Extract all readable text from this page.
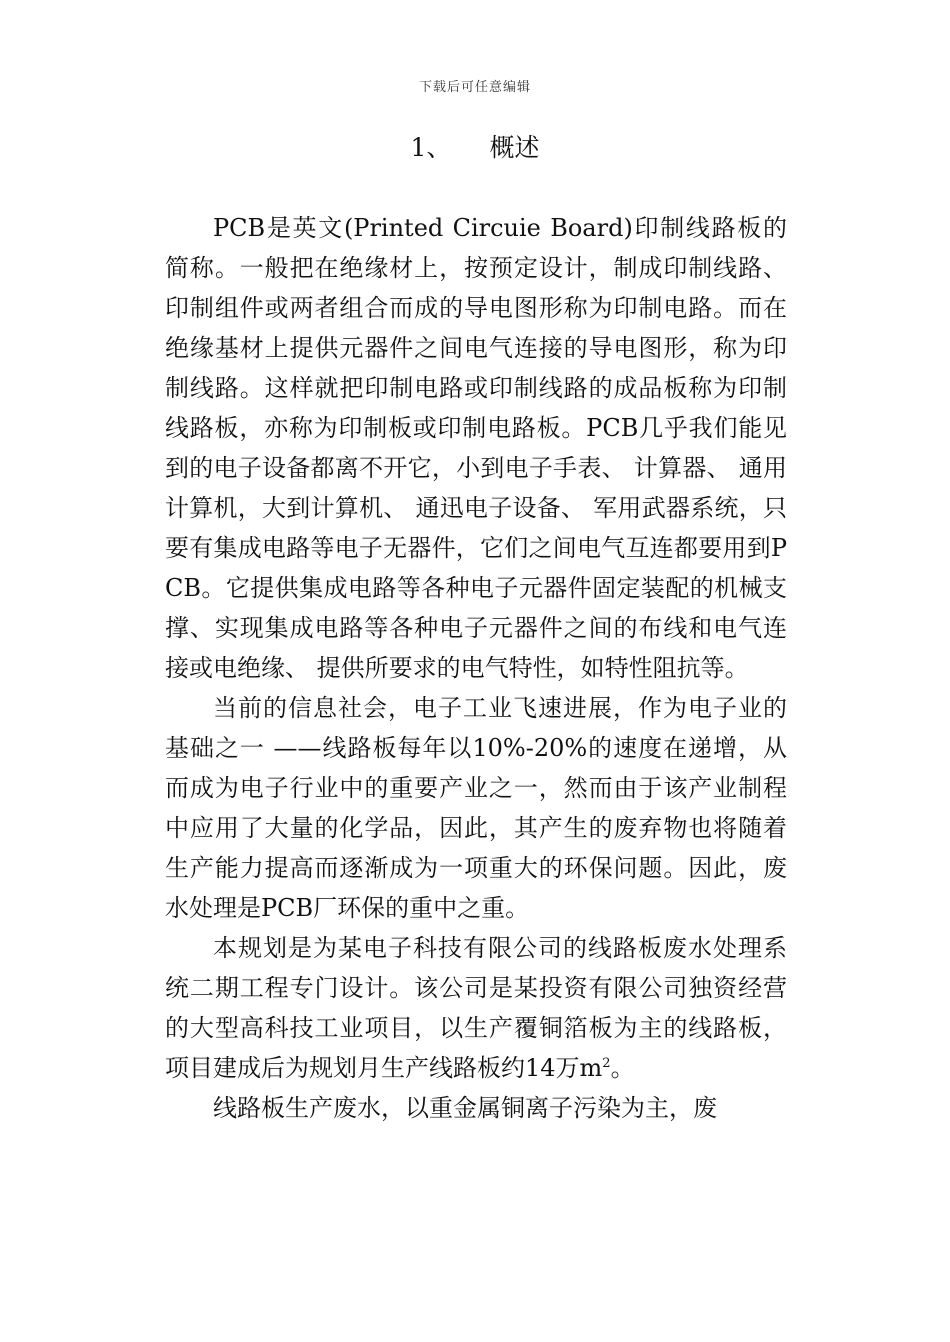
下载后可任意编辑
1、 概述

PCB是英文(Printed Circuie Board)印制线路板的简称。一般把在绝缘材上，按预定设计，制成印制线路、 印制组件或两者组合而成的导电图形称为印制电路。而在绝缘基材上提供元器件之间电气连接的导电图形，称为印制线路。这样就把印制电路或印制线路的成品板称为印制线路板，亦称为印制板或印制电路板。PCB几乎我们能见到的电子设备都离不开它，小到电子手表、 计算器、 通用计算机，大到计算机、 通迅电子设备、 军用武器系统，只要有集成电路等电子无器件，它们之间电气互连都要用到PCB。它提供集成电路等各种电子元器件固定装配的机械支撑、实现集成电路等各种电子元器件之间的布线和电气连接或电绝缘、 提供所要求的电气特性，如特性阻抗等。

当前的信息社会，电子工业飞速进展，作为电子业的基础之一 ——线路板每年以10%-20%的速度在递增，从而成为电子行业中的重要产业之一，然而由于该产业制程中应用了大量的化学品，因此，其产生的废弃物也将随着生产能力提高而逐渐成为一项重大的环保问题。因此，废水处理是PCB厂环保的重中之重。

本规划是为某电子科技有限公司的线路板废水处理系统二期工程专门设计。该公司是某投资有限公司独资经营的大型高科技工业项目，以生产覆铜箔板为主的线路板，项目建成后为规划月生产线路板约14万$m^2$。

线路板生产废水，以重金属铜离子污染为主，废
